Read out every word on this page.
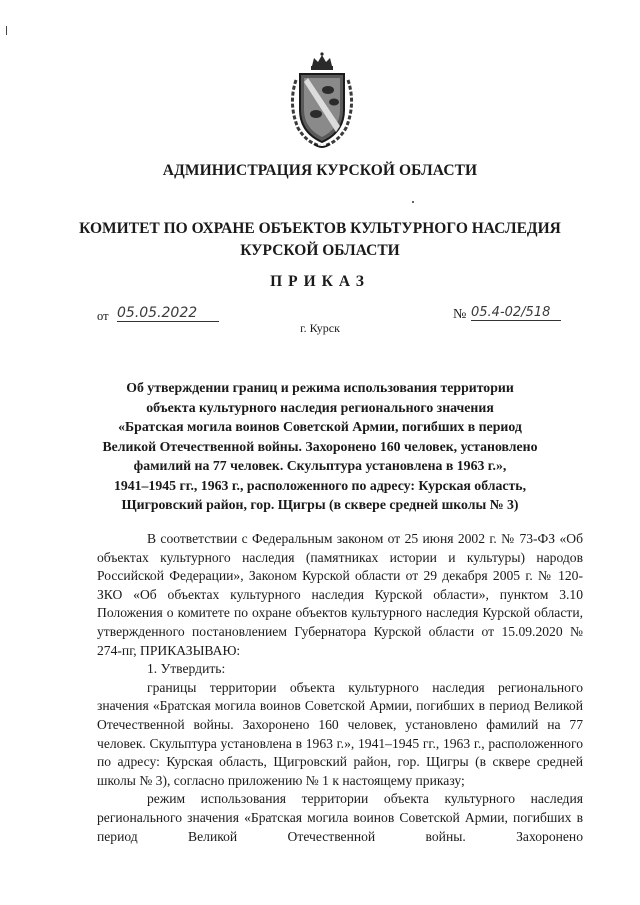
АДМИНИСТРАЦИЯ КУРСКОЙ ОБЛАСТИ
КОМИТЕТ ПО ОХРАНЕ ОБЪЕКТОВ КУЛЬТУРНОГО НАСЛЕДИЯ
КУРСКОЙ ОБЛАСТИ
ПРИКАЗ
от 05.05.2022	№ 05.4-02/518
г. Курск
Об утверждении границ и режима использования территории
объекта культурного наследия регионального значения
«Братская могила воинов Советской Армии, погибших в период
Великой Отечественной войны. Захоронено 160 человек, установлено
фамилий на 77 человек. Скульптура установлена в 1963 г.»,
1941–1945 гг., 1963 г., расположенного по адресу: Курская область,
Щигровский район, гор. Щигры (в сквере средней школы № 3)

В соответствии с Федеральным законом от 25 июня 2002 г. № 73-ФЗ «Об объектах культурного наследия (памятниках истории и культуры) народов Российской Федерации», Законом Курской области от 29 декабря 2005 г. № 120-ЗКО «Об объектах культурного наследия Курской области», пунктом 3.10 Положения о комитете по охране объектов культурного наследия Курской области, утвержденного постановлением Губернатора Курской области от 15.09.2020 № 274-пг, ПРИКАЗЫВАЮ:

1. Утвердить:

границы территории объекта культурного наследия регионального значения «Братская могила воинов Советской Армии, погибших в период Великой Отечественной войны. Захоронено 160 человек, установлено фамилий на 77 человек. Скульптура установлена в 1963 г.», 1941–1945 гг., 1963 г., расположенного по адресу: Курская область, Щигровский район, гор. Щигры (в сквере средней школы № 3), согласно приложению № 1 к настоящему приказу;

режим использования территории объекта культурного наследия регионального значения «Братская могила воинов Советской Армии, погибших в период Великой Отечественной войны. Захоронено
